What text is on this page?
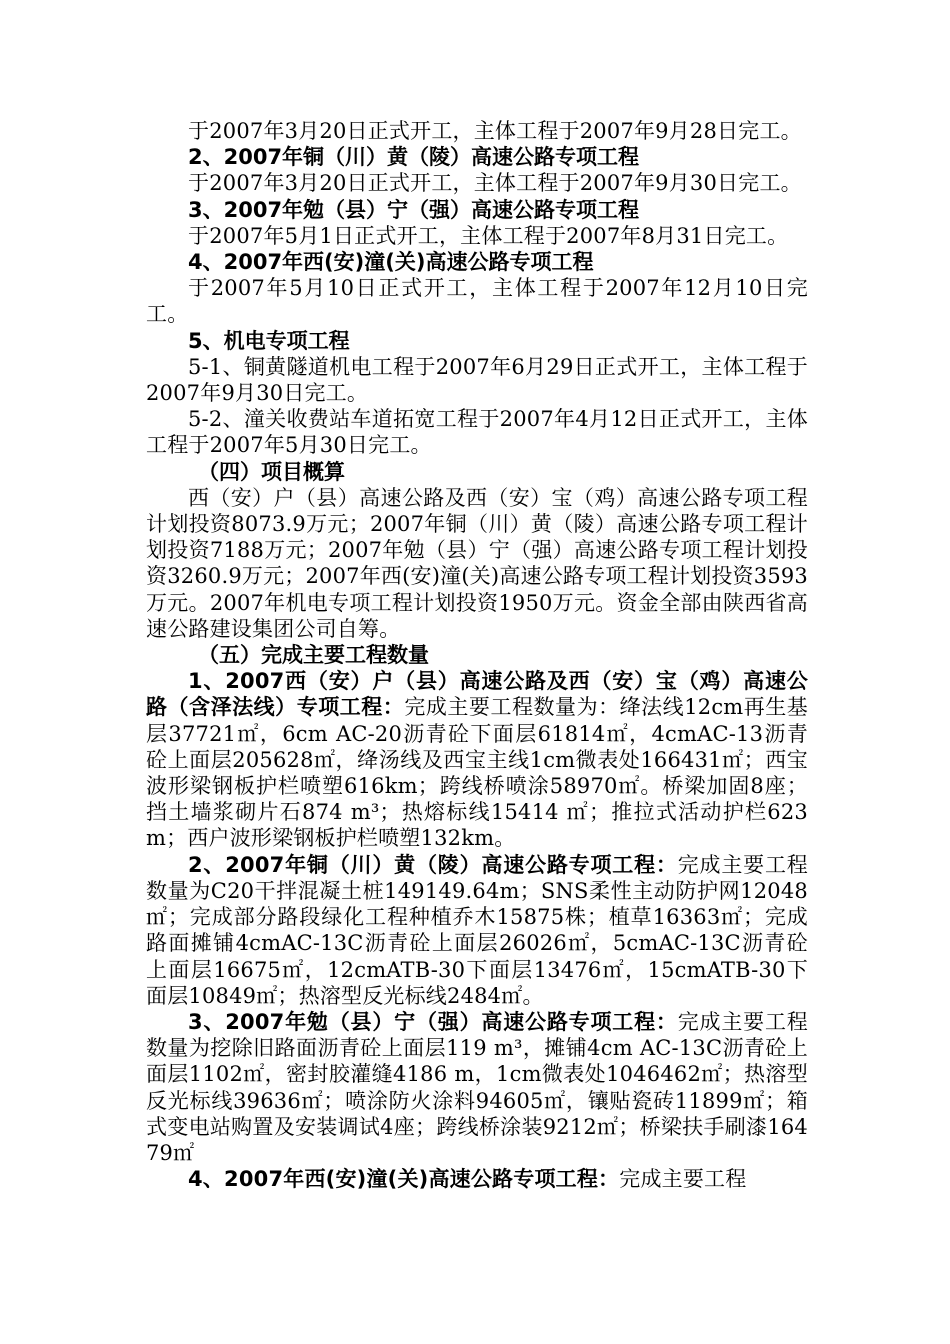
于2007年3月20日正式开工，主体工程于2007年9月28日完工。

2、2007年铜（川）黄（陵）高速公路专项工程

于2007年3月20日正式开工，主体工程于2007年9月30日完工。

3、2007年勉（县）宁（强）高速公路专项工程

于2007年5月1日正式开工，主体工程于2007年8月31日完工。

4、2007年西(安)潼(关)高速公路专项工程

于2007年5月10日正式开工，主体工程于2007年12月10日完工。

5、机电专项工程

5-1、铜黄隧道机电工程于2007年6月29日正式开工，主体工程于2007年9月30日完工。

5-2、潼关收费站车道拓宽工程于2007年4月12日正式开工，主体工程于2007年5月30日完工。

（四）项目概算

西（安）户（县）高速公路及西（安）宝（鸡）高速公路专项工程计划投资8073.9万元；2007年铜（川）黄（陵）高速公路专项工程计划投资7188万元；2007年勉（县）宁（强）高速公路专项工程计划投资3260.9万元；2007年西(安)潼(关)高速公路专项工程计划投资3593万元。2007年机电专项工程计划投资1950万元。资金全部由陕西省高速公路建设集团公司自筹。

（五）完成主要工程数量

1、2007西（安）户（县）高速公路及西（安）宝（鸡）高速公路（含泽法线）专项工程：完成主要工程数量为：绛法线12cm再生基层37721㎡，6cm AC-20沥青砼下面层61814㎡，4cmAC-13沥青砼上面层205628㎡，绛汤线及西宝主线1cm微表处166431㎡；西宝波形梁钢板护栏喷塑616km；跨线桥喷涂58970㎡。桥梁加固8座；挡土墙浆砌片石874 m³；热熔标线15414 ㎡；推拉式活动护栏623m；西户波形梁钢板护栏喷塑132km。

2、2007年铜（川）黄（陵）高速公路专项工程：完成主要工程数量为C20干拌混凝土桩149149.64m；SNS柔性主动防护网12048㎡；完成部分路段绿化工程种植乔木15875株；植草16363㎡；完成路面摊铺4cmAC-13C沥青砼上面层26026㎡，5cmAC-13C沥青砼上面层16675㎡，12cmATB-30下面层13476㎡，15cmATB-30下面层10849㎡；热溶型反光标线2484㎡。

3、2007年勉（县）宁（强）高速公路专项工程：完成主要工程数量为挖除旧路面沥青砼上面层119 m³，摊铺4cm AC-13C沥青砼上面层1102㎡，密封胶灌缝4186 m，1cm微表处1046462㎡；热溶型反光标线39636㎡；喷涂防火涂料94605㎡，镶贴瓷砖11899㎡；箱式变电站购置及安装调试4座；跨线桥涂装9212㎡；桥梁扶手刷漆16479㎡

4、2007年西(安)潼(关)高速公路专项工程：完成主要工程
